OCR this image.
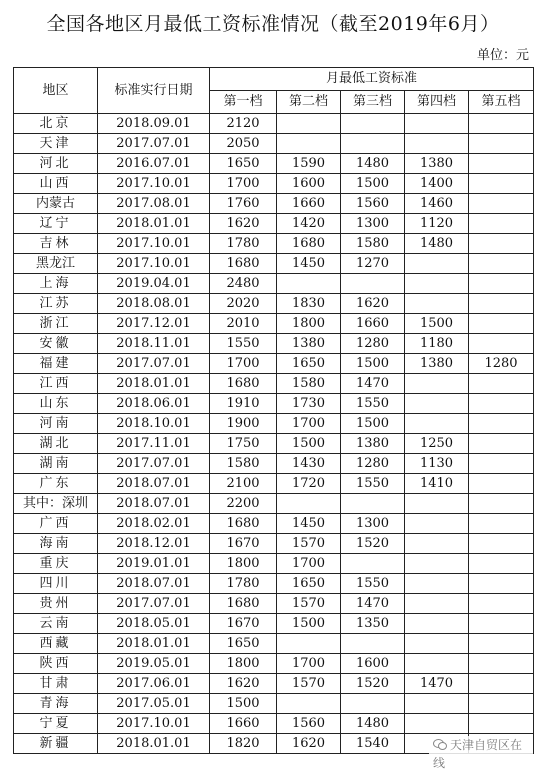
全国各地区月最低工资标准情况（截至2019年6月）
单位：元
地区	标准实行日期	月最低工资标准				
		第一档	第二档	第三档	第四档	第五档
北京	2018.09.01	2120				
天津	2017.07.01	2050				
河北	2016.07.01	1650	1590	1480	1380	
山西	2017.10.01	1700	1600	1500	1400	
内蒙古	2017.08.01	1760	1660	1560	1460	
辽宁	2018.01.01	1620	1420	1300	1120	
吉林	2017.10.01	1780	1680	1580	1480	
黑龙江	2017.10.01	1680	1450	1270		
上海	2019.04.01	2480				
江苏	2018.08.01	2020	1830	1620		
浙江	2017.12.01	2010	1800	1660	1500	
安徽	2018.11.01	1550	1380	1280	1180	
福建	2017.07.01	1700	1650	1500	1380	1280
江西	2018.01.01	1680	1580	1470		
山东	2018.06.01	1910	1730	1550		
河南	2018.10.01	1900	1700	1500		
湖北	2017.11.01	1750	1500	1380	1250	
湖南	2017.07.01	1580	1430	1280	1130	
广东	2018.07.01	2100	1720	1550	1410	
其中：深圳	2018.07.01	2200				
广西	2018.02.01	1680	1450	1300		
海南	2018.12.01	1670	1570	1520		
重庆	2019.01.01	1800	1700			
四川	2018.07.01	1780	1650	1550		
贵州	2017.07.01	1680	1570	1470		
云南	2018.05.01	1670	1500	1350		
西藏	2018.01.01	1650				
陕西	2019.05.01	1800	1700	1600		
甘肃	2017.06.01	1620	1570	1520	1470	
青海	2017.05.01	1500				
宁夏	2017.10.01	1660	1560	1480		
新疆	2018.01.01	1820	1620	1540			天津自贸区在线
